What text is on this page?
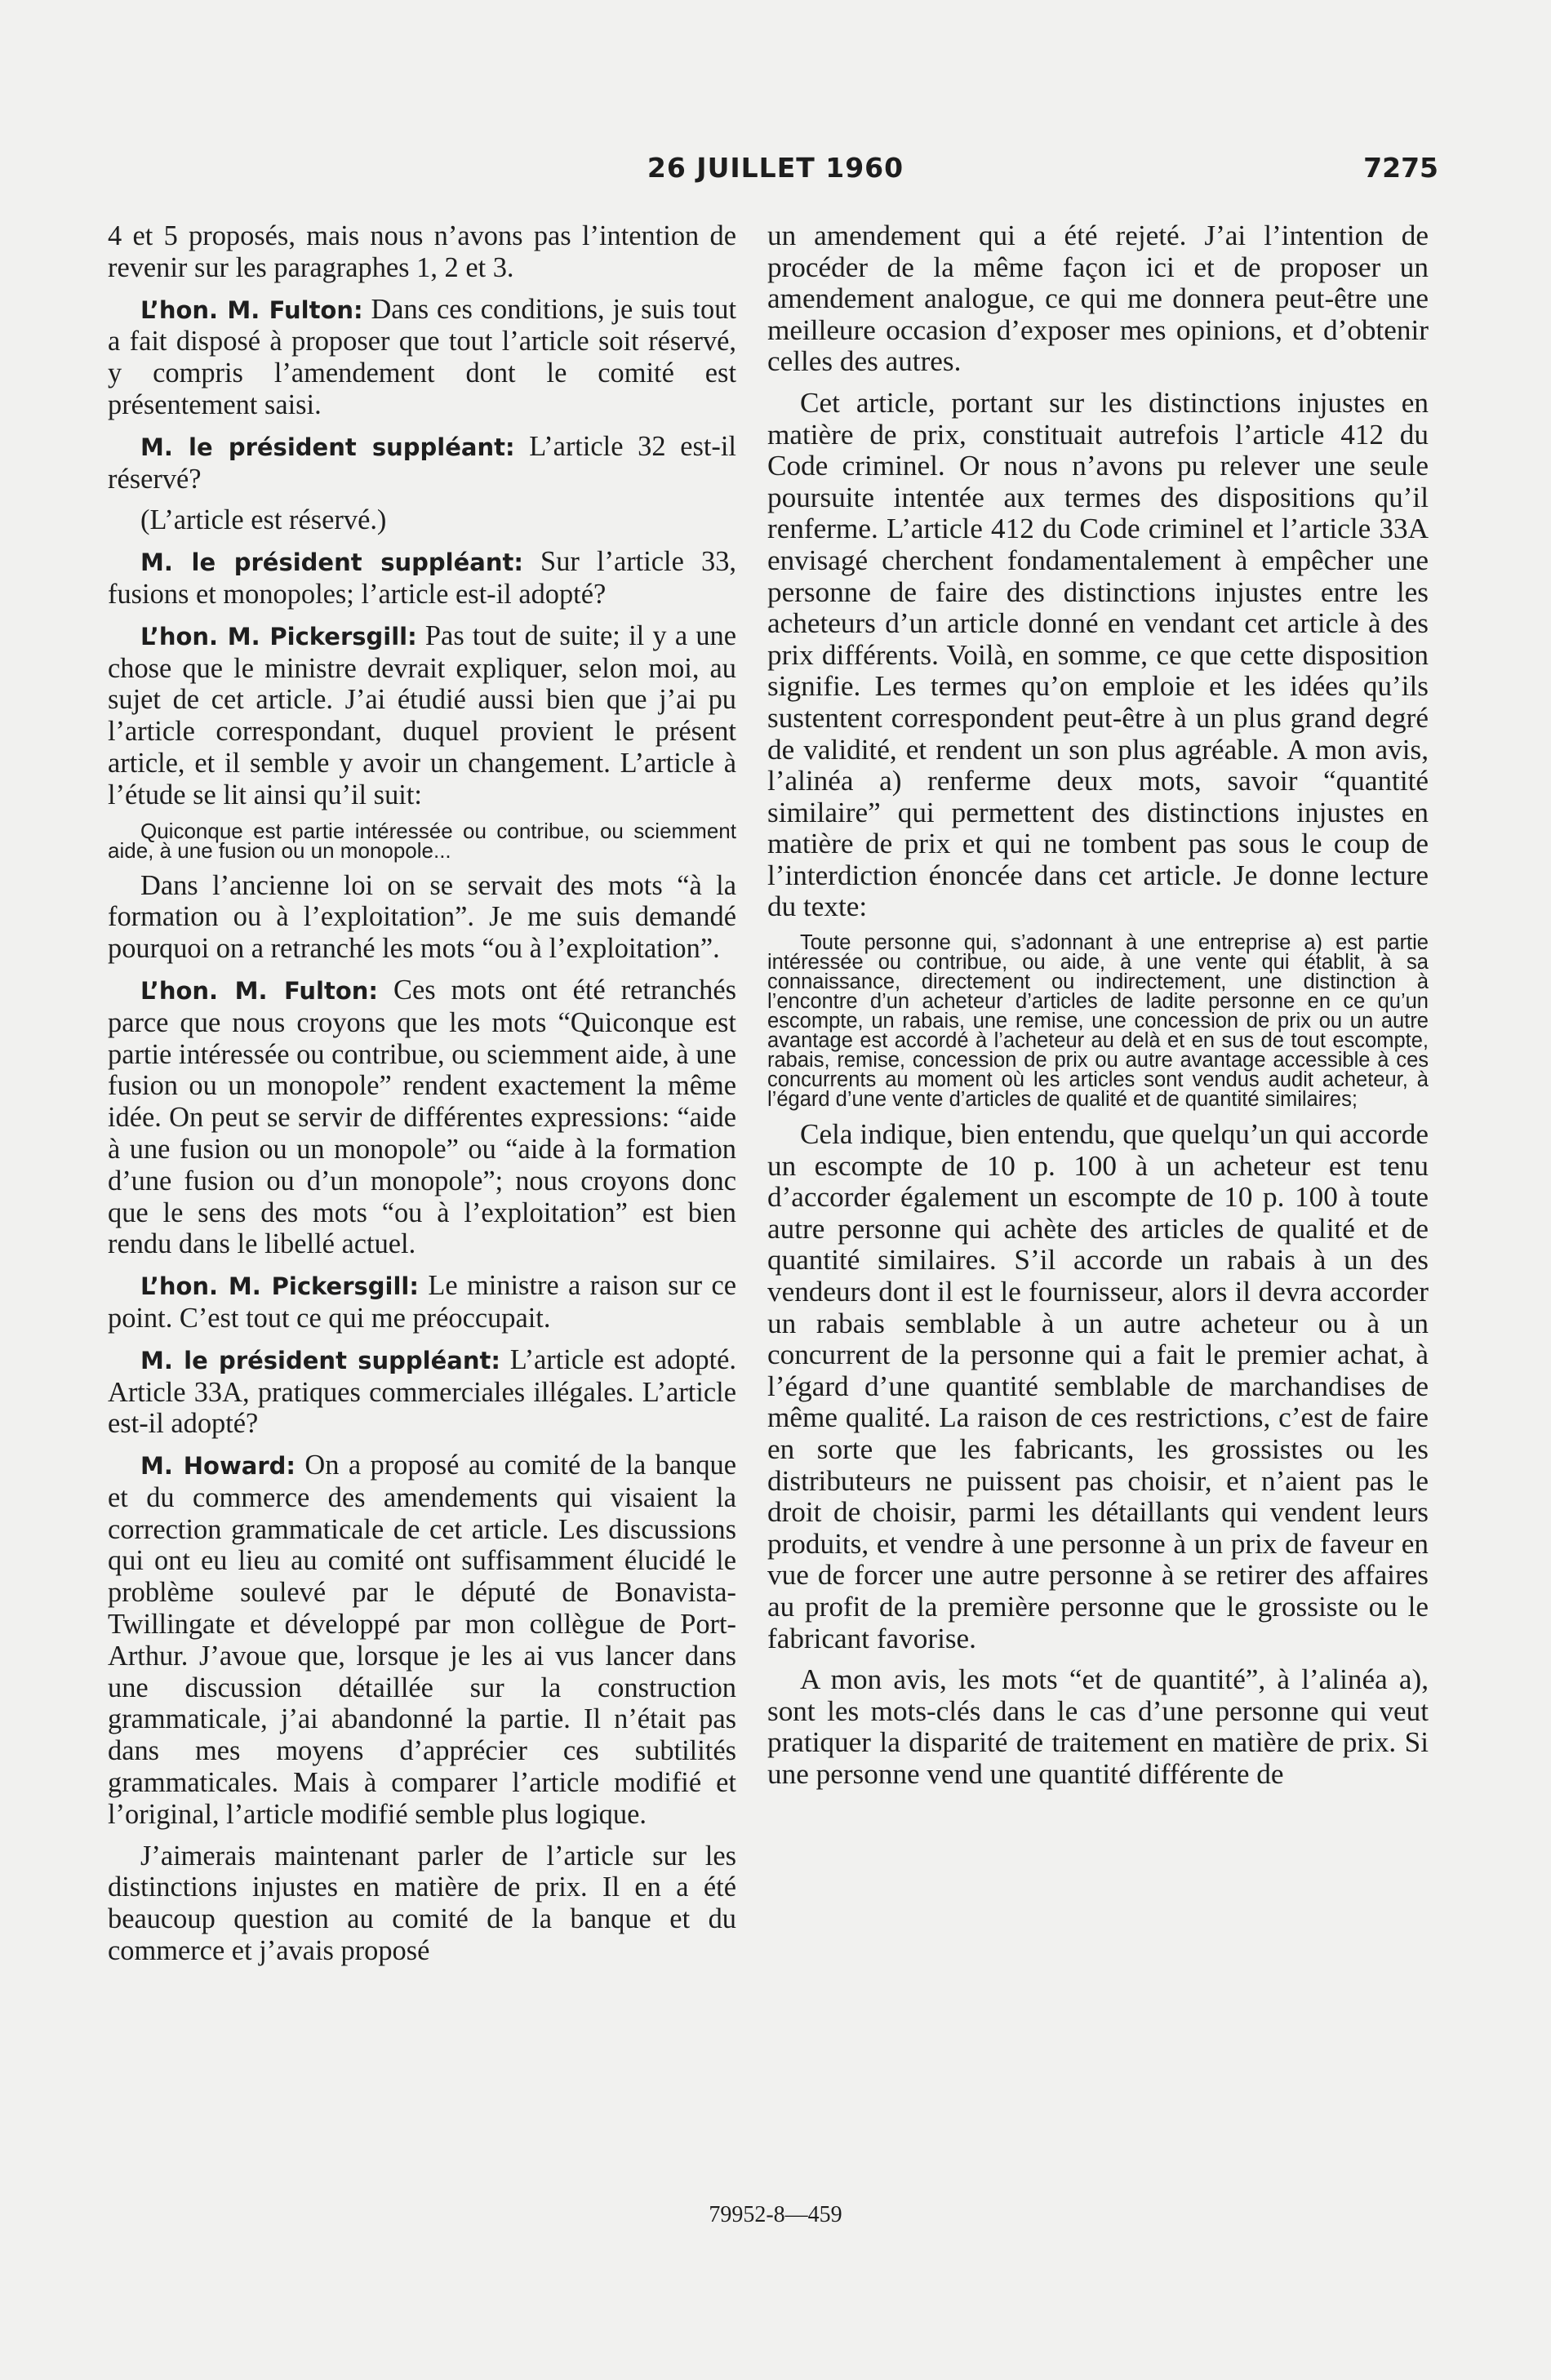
26 JUILLET 1960	7275

4 et 5 proposés, mais nous n’avons pas l’intention de revenir sur les paragraphes 1, 2 et 3.

L’hon. M. Fulton: Dans ces conditions, je suis tout a fait disposé à proposer que tout l’article soit réservé, y compris l’amendement dont le comité est présentement saisi.

M. le président suppléant: L’article 32 est-il réservé?

(L’article est réservé.)

M. le président suppléant: Sur l’article 33, fusions et monopoles; l’article est-il adopté?

L’hon. M. Pickersgill: Pas tout de suite; il y a une chose que le ministre devrait expliquer, selon moi, au sujet de cet article. J’ai étudié aussi bien que j’ai pu l’article correspondant, duquel provient le présent article, et il semble y avoir un changement. L’article à l’étude se lit ainsi qu’il suit:

Quiconque est partie intéressée ou contribue, ou sciemment aide, à une fusion ou un monopole...

Dans l’ancienne loi on se servait des mots “à la formation ou à l’exploitation”. Je me suis demandé pourquoi on a retranché les mots “ou à l’exploitation”.

L’hon. M. Fulton: Ces mots ont été retranchés parce que nous croyons que les mots “Quiconque est partie intéressée ou contribue, ou sciemment aide, à une fusion ou un monopole” rendent exactement la même idée. On peut se servir de différentes expressions: “aide à une fusion ou un monopole” ou “aide à la formation d’une fusion ou d’un monopole”; nous croyons donc que le sens des mots “ou à l’exploitation” est bien rendu dans le libellé actuel.

L’hon. M. Pickersgill: Le ministre a raison sur ce point. C’est tout ce qui me préoccupait.

M. le président suppléant: L’article est adopté. Article 33A, pratiques commerciales illégales. L’article est-il adopté?

M. Howard: On a proposé au comité de la banque et du commerce des amendements qui visaient la correction grammaticale de cet article. Les discussions qui ont eu lieu au comité ont suffisamment élucidé le problème soulevé par le député de Bonavista-Twillingate et développé par mon collègue de Port-Arthur. J’avoue que, lorsque je les ai vus lancer dans une discussion détaillée sur la construction grammaticale, j’ai abandonné la partie. Il n’était pas dans mes moyens d’apprécier ces subtilités grammaticales. Mais à comparer l’article modifié et l’original, l’article modifié semble plus logique.

J’aimerais maintenant parler de l’article sur les distinctions injustes en matière de prix. Il en a été beaucoup question au comité de la banque et du commerce et j’avais proposé

un amendement qui a été rejeté. J’ai l’intention de procéder de la même façon ici et de proposer un amendement analogue, ce qui me donnera peut-être une meilleure occasion d’exposer mes opinions, et d’obtenir celles des autres.

Cet article, portant sur les distinctions injustes en matière de prix, constituait autrefois l’article 412 du Code criminel. Or nous n’avons pu relever une seule poursuite intentée aux termes des dispositions qu’il renferme. L’article 412 du Code criminel et l’article 33A envisagé cherchent fondamentalement à empêcher une personne de faire des distinctions injustes entre les acheteurs d’un article donné en vendant cet article à des prix différents. Voilà, en somme, ce que cette disposition signifie. Les termes qu’on emploie et les idées qu’ils sustentent correspondent peut-être à un plus grand degré de validité, et rendent un son plus agréable. A mon avis, l’alinéa a) renferme deux mots, savoir “quantité similaire” qui permettent des distinctions injustes en matière de prix et qui ne tombent pas sous le coup de l’interdiction énoncée dans cet article. Je donne lecture du texte:

Toute personne qui, s’adonnant à une entreprise a) est partie intéressée ou contribue, ou aide, à une vente qui établit, à sa connaissance, directement ou indirectement, une distinction à l’encontre d’un acheteur d’articles de ladite personne en ce qu’un escompte, un rabais, une remise, une concession de prix ou un autre avantage est accordé à l’acheteur au delà et en sus de tout escompte, rabais, remise, concession de prix ou autre avantage accessible à ces concurrents au moment où les articles sont vendus audit acheteur, à l’égard d’une vente d’articles de qualité et de quantité similaires;

Cela indique, bien entendu, que quelqu’un qui accorde un escompte de 10 p. 100 à un acheteur est tenu d’accorder également un escompte de 10 p. 100 à toute autre personne qui achète des articles de qualité et de quantité similaires. S’il accorde un rabais à un des vendeurs dont il est le fournisseur, alors il devra accorder un rabais semblable à un autre acheteur ou à un concurrent de la personne qui a fait le premier achat, à l’égard d’une quantité semblable de marchandises de même qualité. La raison de ces restrictions, c’est de faire en sorte que les fabricants, les grossistes ou les distributeurs ne puissent pas choisir, et n’aient pas le droit de choisir, parmi les détaillants qui vendent leurs produits, et vendre à une personne à un prix de faveur en vue de forcer une autre personne à se retirer des affaires au profit de la première personne que le grossiste ou le fabricant favorise.

A mon avis, les mots “et de quantité”, à l’alinéa a), sont les mots-clés dans le cas d’une personne qui veut pratiquer la disparité de traitement en matière de prix. Si une personne vend une quantité différente de

79952-8—459
